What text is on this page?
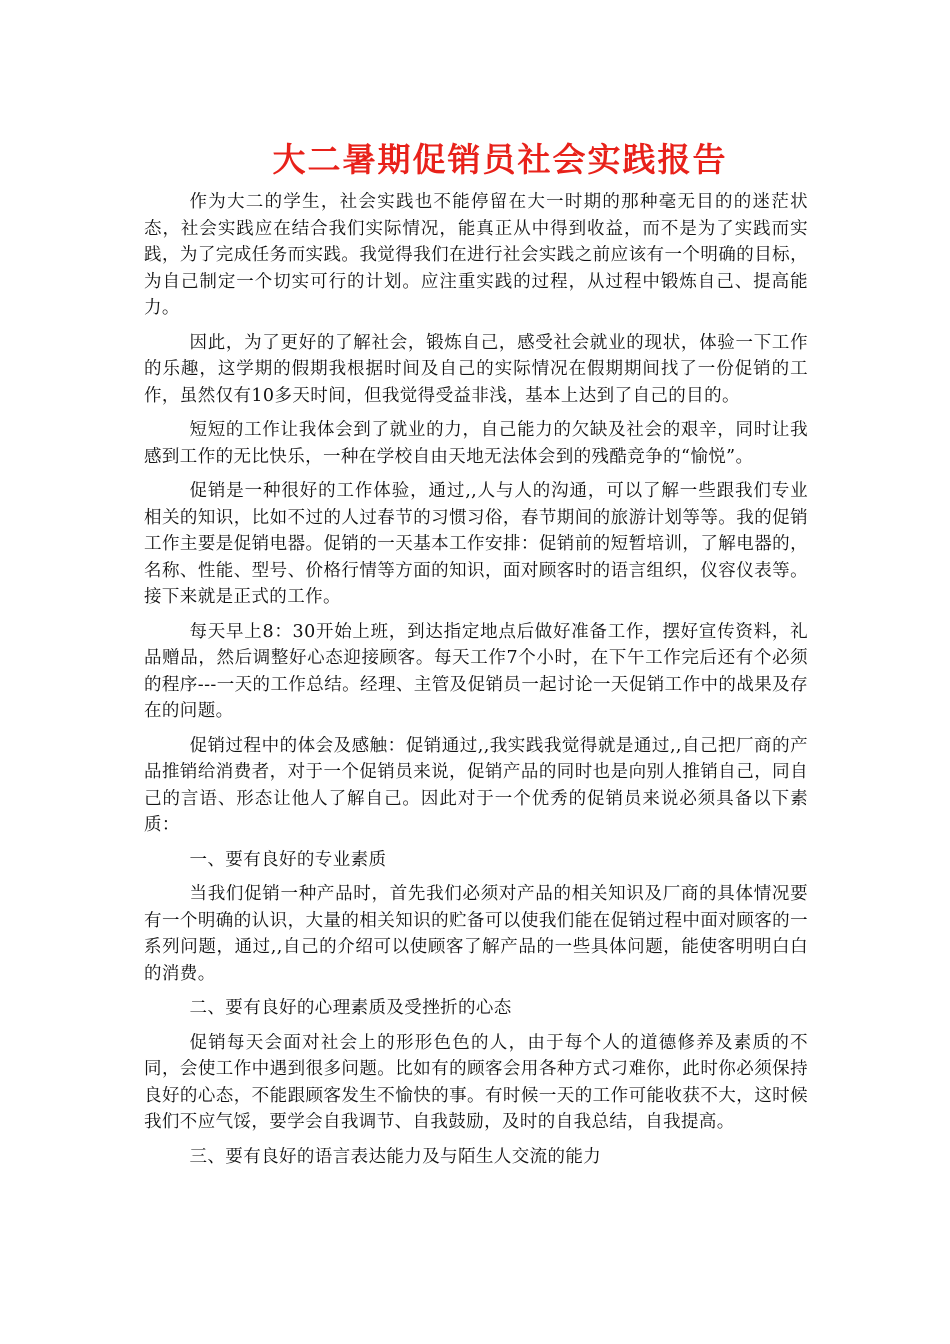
大二暑期促销员社会实践报告

作为大二的学生，社会实践也不能停留在大一时期的那种毫无目的的迷茫状态，社会实践应在结合我们实际情况，能真正从中得到收益，而不是为了实践而实践，为了完成任务而实践。我觉得我们在进行社会实践之前应该有一个明确的目标，为自己制定一个切实可行的计划。应注重实践的过程，从过程中锻炼自己、提高能力。

因此，为了更好的了解社会，锻炼自己，感受社会就业的现状，体验一下工作的乐趣，这学期的假期我根据时间及自己的实际情况在假期期间找了一份促销的工作，虽然仅有10多天时间，但我觉得受益非浅，基本上达到了自己的目的。

短短的工作让我体会到了就业的力，自己能力的欠缺及社会的艰辛，同时让我感到工作的无比快乐，一种在学校自由天地无法体会到的残酷竞争的“愉悦”。

促销是一种很好的工作体验，通过,,人与人的沟通，可以了解一些跟我们专业相关的知识，比如不过的人过春节的习惯习俗，春节期间的旅游计划等等。我的促销工作主要是促销电器。促销的一天基本工作安排：促销前的短暂培训，了解电器的，名称、性能、型号、价格行情等方面的知识，面对顾客时的语言组织，仪容仪表等。接下来就是正式的工作。

每天早上8：30开始上班，到达指定地点后做好准备工作，摆好宣传资料，礼品赠品，然后调整好心态迎接顾客。每天工作7个小时，在下午工作完后还有个必须的程序---一天的工作总结。经理、主管及促销员一起讨论一天促销工作中的战果及存在的问题。

促销过程中的体会及感触：促销通过,,我实践我觉得就是通过,,自己把厂商的产品推销给消费者，对于一个促销员来说，促销产品的同时也是向别人推销自己，同自己的言语、形态让他人了解自己。因此对于一个优秀的促销员来说必须具备以下素质：

一、要有良好的专业素质

当我们促销一种产品时，首先我们必须对产品的相关知识及厂商的具体情况要有一个明确的认识，大量的相关知识的贮备可以使我们能在促销过程中面对顾客的一系列问题，通过,,自己的介绍可以使顾客了解产品的一些具体问题，能使客明明白白的消费。

二、要有良好的心理素质及受挫折的心态

促销每天会面对社会上的形形色色的人，由于每个人的道德修养及素质的不同，会使工作中遇到很多问题。比如有的顾客会用各种方式刁难你，此时你必须保持良好的心态，不能跟顾客发生不愉快的事。有时候一天的工作可能收获不大，这时候我们不应气馁，要学会自我调节、自我鼓励，及时的自我总结，自我提高。

三、要有良好的语言表达能力及与陌生人交流的能力
